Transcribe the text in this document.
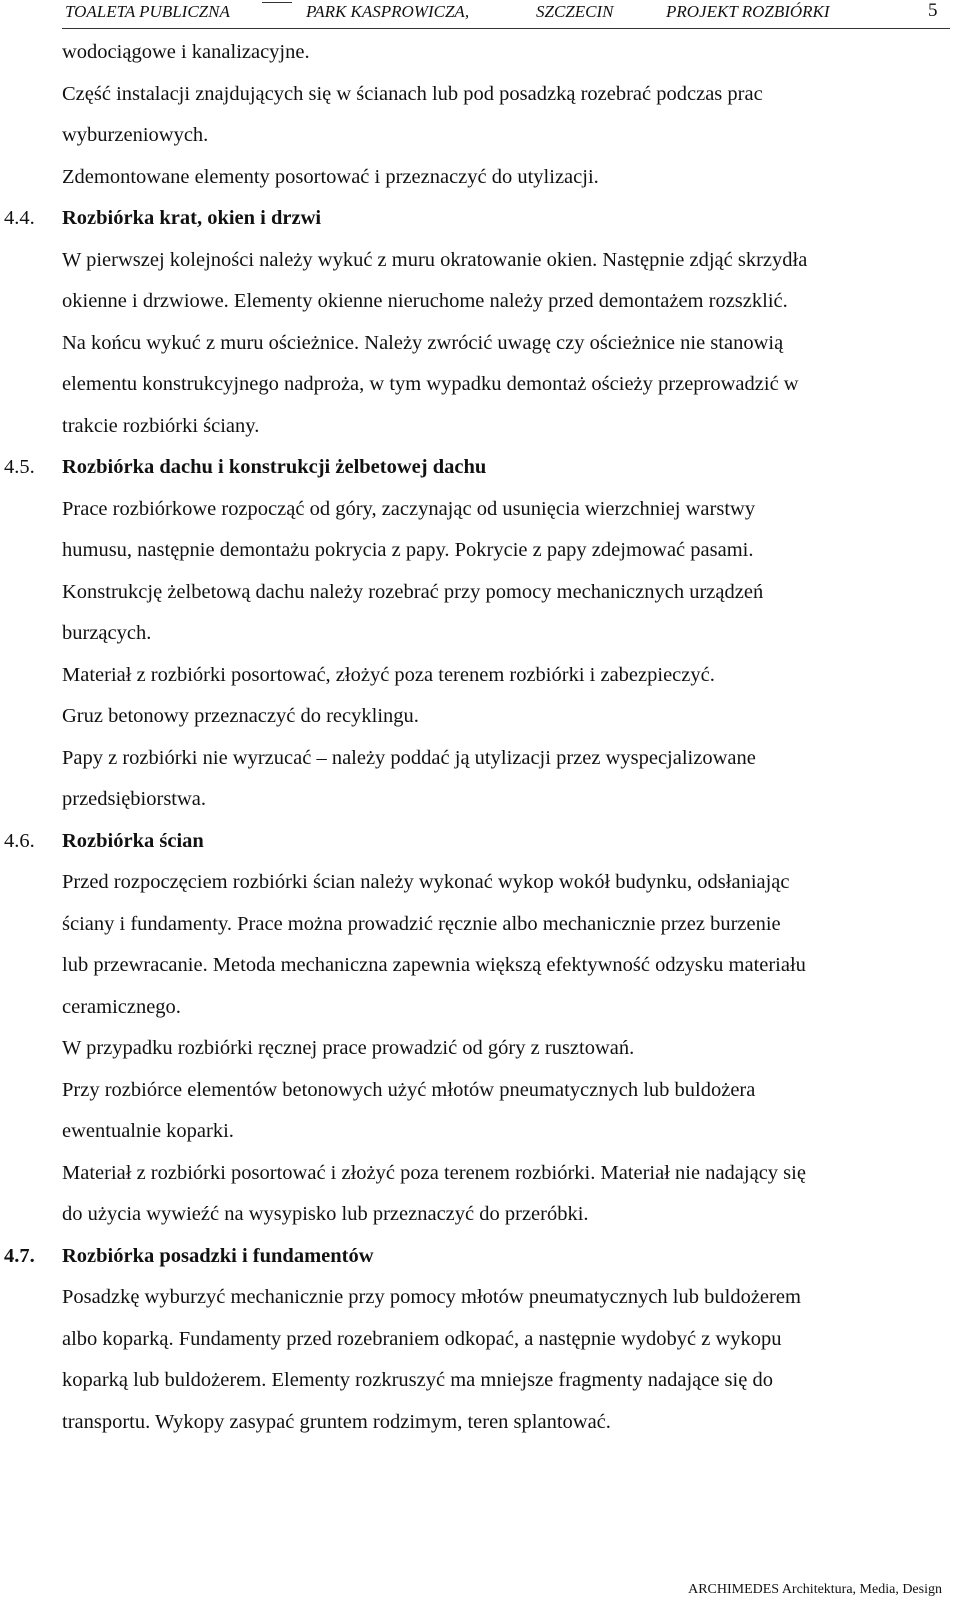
TOALETA PUBLICZNA	PARK KASPROWICZA,	SZCZECIN	PROJEKT ROZBIÓRKI	5

wodociągowe i kanalizacyjne.

Część instalacji znajdujących się w ścianach lub pod posadzką rozebrać podczas prac

wyburzeniowych.

Zdemontowane elementy posortować i przeznaczyć do utylizacji.

4.4. Rozbiórka krat, okien i drzwi

W pierwszej kolejności należy wykuć z muru okratowanie okien. Następnie zdjąć skrzydła

okienne i drzwiowe. Elementy okienne nieruchome należy przed demontażem rozszklić.

Na końcu wykuć z muru ościeżnice. Należy zwrócić uwagę czy ościeżnice nie stanowią

elementu konstrukcyjnego nadproża, w tym wypadku demontaż ościeży przeprowadzić w

trakcie rozbiórki ściany.

4.5. Rozbiórka dachu i konstrukcji żelbetowej dachu

Prace rozbiórkowe rozpocząć od góry, zaczynając od usunięcia wierzchniej warstwy

humusu, następnie demontażu pokrycia z papy. Pokrycie z papy zdejmować pasami.

Konstrukcję żelbetową dachu należy rozebrać przy pomocy mechanicznych urządzeń

burzących.

Materiał z rozbiórki posortować, złożyć poza terenem rozbiórki i zabezpieczyć.

Gruz betonowy przeznaczyć do recyklingu.

Papy z rozbiórki nie wyrzucać – należy poddać ją utylizacji przez wyspecjalizowane

przedsiębiorstwa.

4.6. Rozbiórka ścian

Przed rozpoczęciem rozbiórki ścian należy wykonać wykop wokół budynku, odsłaniając

ściany i fundamenty. Prace można prowadzić ręcznie albo mechanicznie przez burzenie

lub przewracanie. Metoda mechaniczna zapewnia większą efektywność odzysku materiału

ceramicznego.

W przypadku rozbiórki ręcznej prace prowadzić od góry z rusztowań.

Przy rozbiórce elementów betonowych użyć młotów pneumatycznych lub buldożera

ewentualnie koparki.

Materiał z rozbiórki posortować i złożyć poza terenem rozbiórki. Materiał nie nadający się

do użycia wywieźć na wysypisko lub przeznaczyć do przeróbki.

4.7. Rozbiórka posadzki i fundamentów

Posadzkę wyburzyć mechanicznie przy pomocy młotów pneumatycznych lub buldożerem

albo koparką. Fundamenty przed rozebraniem odkopać, a następnie wydobyć z wykopu

koparką lub buldożerem. Elementy rozkruszyć ma mniejsze fragmenty nadające się do

transportu. Wykopy zasypać gruntem rodzimym, teren splantować.

ARCHIMEDES Architektura, Media, Design
